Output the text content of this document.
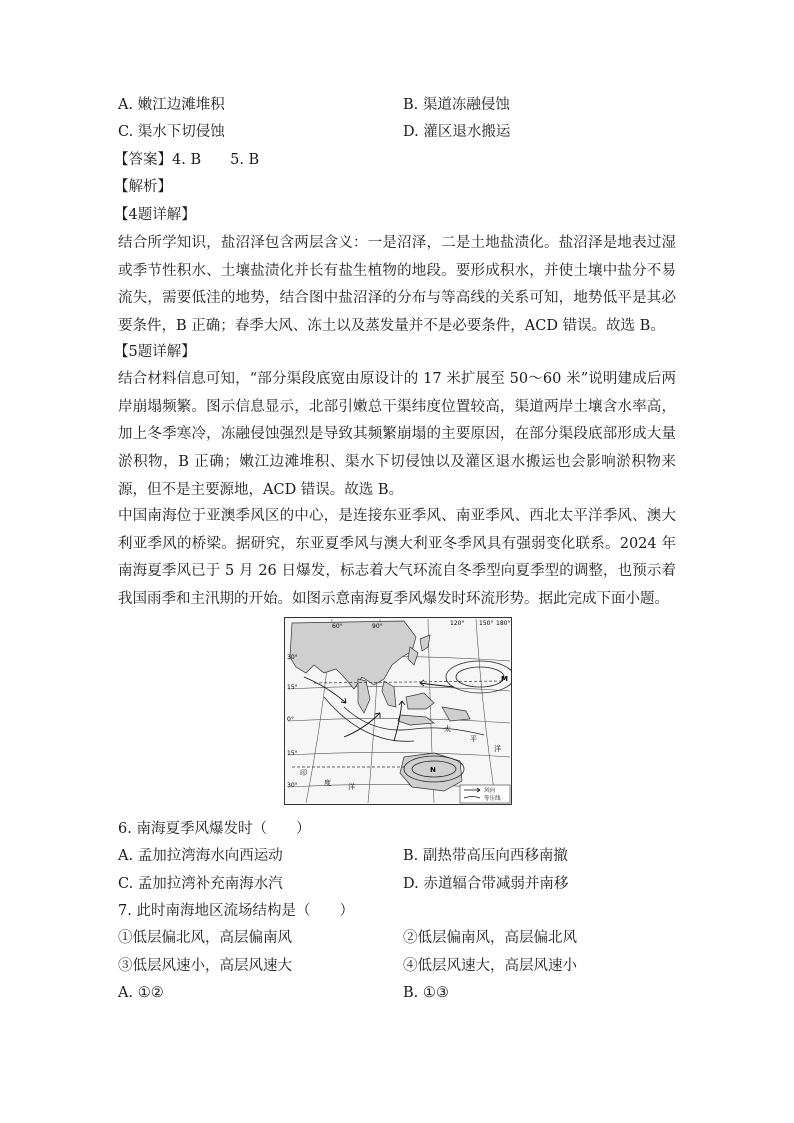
A. 嫩江边滩堆积	B. 渠道冻融侵蚀
C. 渠水下切侵蚀	D. 灌区退水搬运
【答案】4. B　　5. B
【解析】
【4题详解】
结合所学知识，盐沼泽包含两层含义：一是沼泽，二是土地盐渍化。盐沼泽是地表过湿或季节性积水、土壤盐渍化并长有盐生植物的地段。要形成积水，并使土壤中盐分不易流失，需要低洼的地势，结合图中盐沼泽的分布与等高线的关系可知，地势低平是其必要条件，B 正确；春季大风、冻土以及蒸发量并不是必要条件，ACD 错误。故选 B。
【5题详解】
结合材料信息可知，“部分渠段底宽由原设计的 17 米扩展至 50～60 米”说明建成后两岸崩塌频繁。图示信息显示，北部引嫩总干渠纬度位置较高，渠道两岸土壤含水率高，加上冬季寒冷，冻融侵蚀强烈是导致其频繁崩塌的主要原因，在部分渠段底部形成大量淤积物，B 正确；嫩江边滩堆积、渠水下切侵蚀以及灌区退水搬运也会影响淤积物来源，但不是主要源地，ACD 错误。故选 B。
中国南海位于亚澳季风区的中心，是连接东亚季风、南亚季风、西北太平洋季风、澳大利亚季风的桥梁。据研究，东亚夏季风与澳大利亚冬季风具有强弱变化联系。2024 年南海夏季风已于 5 月 26 日爆发，标志着大气环流自冬季型向夏季型的调整，也预示着我国雨季和主汛期的开始。如图示意南海夏季风爆发时环流形势。据此完成下面小题。
60°	90°	120° 150° 180°
30°
15°
0°
15°
30°
M
N
太
平
洋
印
度 洋	风向
等压线
6. 南海夏季风爆发时（　　）
A. 孟加拉湾海水向西运动	B. 副热带高压向西移南撤
C. 孟加拉湾补充南海水汽	D. 赤道辐合带减弱并南移
7. 此时南海地区流场结构是（　　）
①低层偏北风，高层偏南风	②低层偏南风，高层偏北风
③低层风速小，高层风速大	④低层风速大，高层风速小
A. ①②	B. ①③
